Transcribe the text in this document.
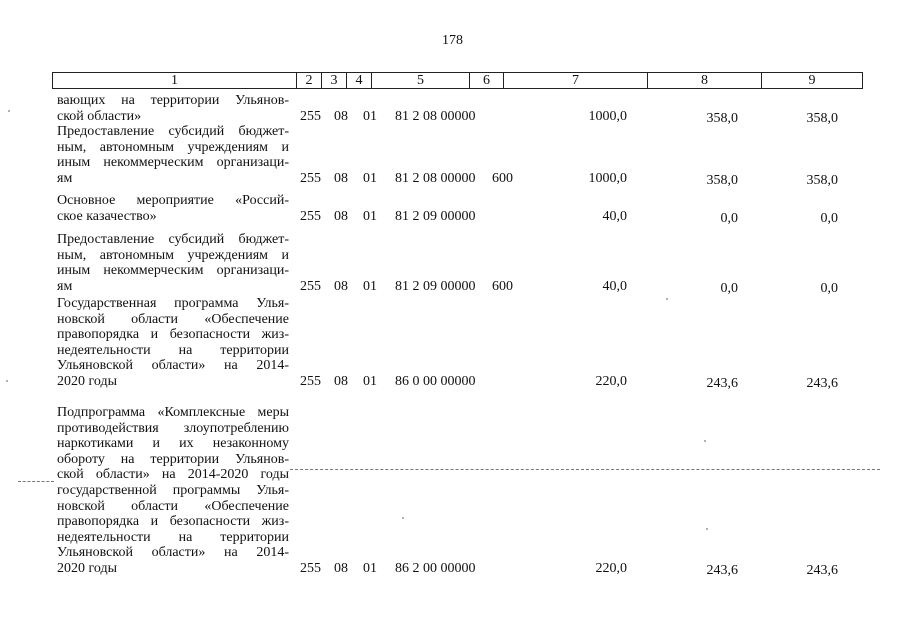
178
1	2	3	4	5	6	7	8	9
вающих на территории Ульянов-
ской области»	255 08 01 81 2 08 00000	1000,0	358,0	358,0
Предоставление субсидий бюджет-
ным, автономным учреждениям и
иным некоммерческим организаци-
ям	255 08 01 81 2 08 00000 600	1000,0	358,0	358,0
Основное мероприятие «Россий-
ское казачество»	255 08 01 81 2 09 00000	40,0	0,0	0,0
Предоставление субсидий бюджет-
ным, автономным учреждениям и
иным некоммерческим организаци-
ям	255 08 01 81 2 09 00000 600	40,0	0,0	0,0
Государственная программа Улья-
новской области «Обеспечение
правопорядка и безопасности жиз-
недеятельности на территории
Ульяновской области» на 2014-
2020 годы	255 08 01 86 0 00 00000	220,0	243,6	243,6
Подпрограмма «Комплексные меры
противодействия злоупотреблению
наркотиками и их незаконному
обороту на территории Ульянов-
ской области» на 2014-2020 годы
государственной программы Улья-
новской области «Обеспечение
правопорядка и безопасности жиз-
недеятельности на территории
Ульяновской области» на 2014-
2020 годы	255 08 01 86 2 00 00000	220,0	243,6	243,6
